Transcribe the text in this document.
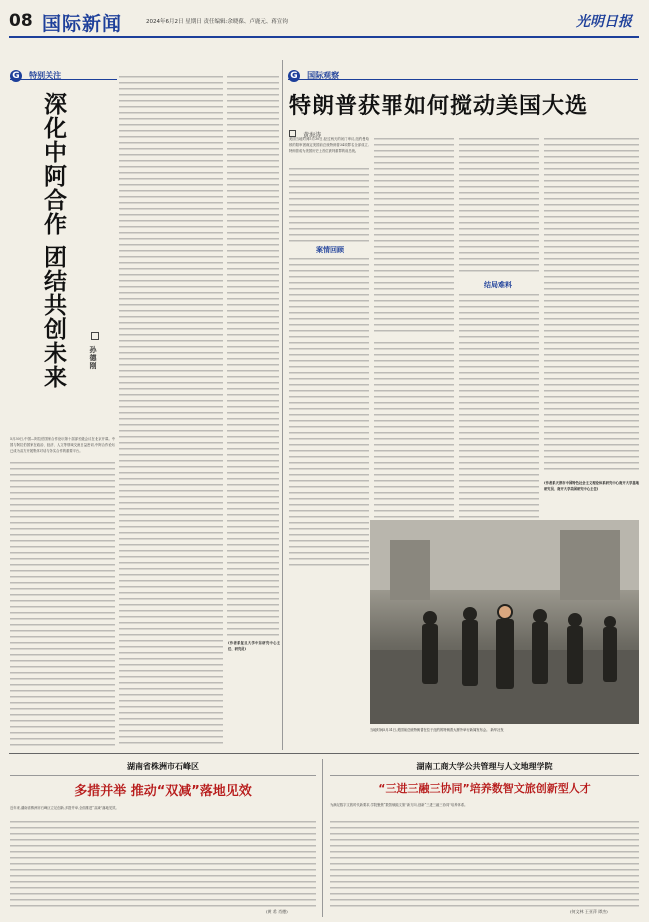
08 国际新闻	2024年6月2日 星期日 责任编辑:余晓葆、卢鹿元、蒋宣钧	光明日报
G 特别关注
深化中阿合作 团结共创未来	孙德刚
5月30日,中国—阿拉伯国家合作论坛第十届部长级会议在北京开幕。中国与阿拉伯国家在政治、经济、人文等领域交流日益密切,中阿合作论坛已成为双方开展集体对话与务实合作的重要平台。
(作者系复旦大学中东研究中心主任、研究员)
G 国际观察
特朗普获罪如何搅动美国大选
黄海涛
美国当地时间5月30日,经过两天的闭门审议,纽约曼哈顿的陪审团裁定美国前总统特朗普34项罪名全部成立,特朗普成为美国历史上首位被判重罪的前总统。
案情回顾
结局难料
(作者系天津市中国特色社会主义理论体系研究中心南开大学基地研究员、南开大学美国研究中心主任)
当地时间5月31日,美国前总统特朗普在位于纽约的特朗普大厦外举行新闻发布会。 新华社发
湖南省株洲市石峰区
多措并举 推动“双减”落地见效
近年来,湖南省株洲市石峰区立足创新,多措并举,全面推进“双减”落地见效。
(黄 希 肖德)
湖南工商大学公共管理与人文地理学院
“三进三融三协同”培养数智文旅创新型人才
为满足数字文旅时代新要求,学院聚焦“数智赋能文旅”新方向,创新“三进三融三协同”培养体系。
(何文林 王亚萍 谭杰)
